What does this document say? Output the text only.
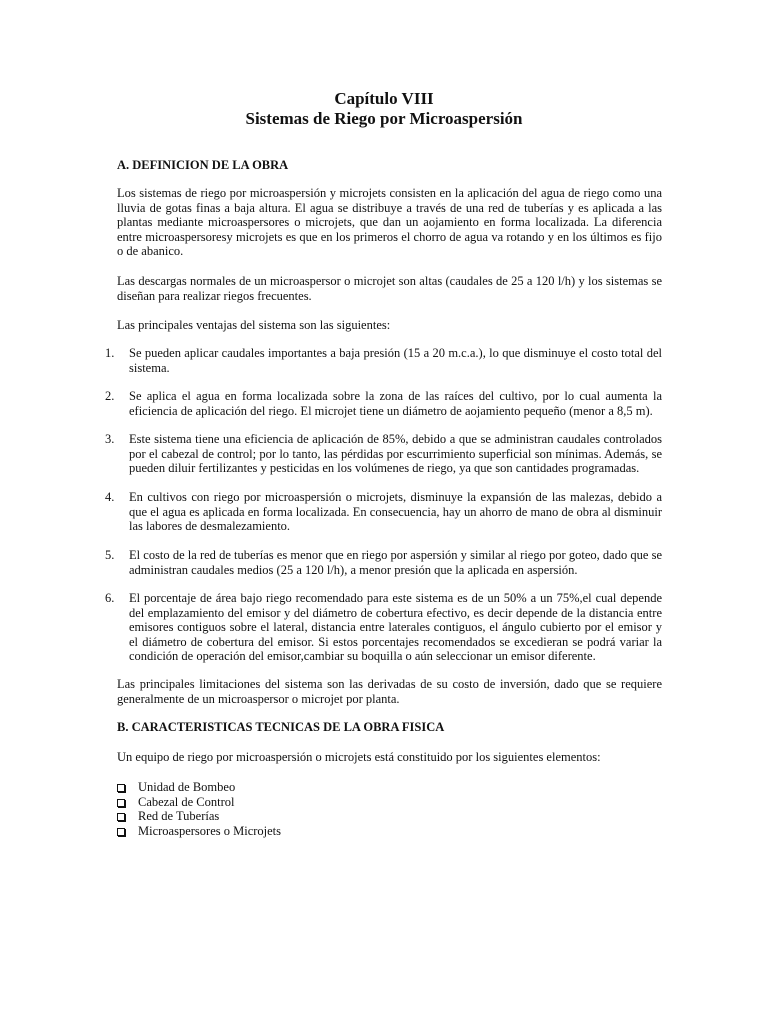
Capítulo VIII
Sistemas de Riego por Microaspersión
A. DEFINICION DE LA OBRA
Los sistemas de riego por microaspersión y microjets consisten en la aplicación del agua de riego como una lluvia de gotas finas a baja altura. El agua se distribuye a través de una red de tuberías y es aplicada a las plantas mediante microaspersores o microjets, que dan un aojamiento en forma localizada. La diferencia entre microaspersoresy microjets es que en los primeros el chorro de agua va rotando y en los últimos es fijo o de abanico.
Las descargas normales de un microaspersor o microjet son altas (caudales de 25 a 120 l/h) y los sistemas se diseñan para realizar riegos frecuentes.
Las principales ventajas del sistema son las siguientes:
1.	Se pueden aplicar caudales importantes a baja presión (15 a 20 m.c.a.), lo que disminuye el costo total del sistema.
2.	Se aplica el agua en forma localizada sobre la zona de las raíces del cultivo, por lo cual aumenta la eficiencia de aplicación del riego. El microjet tiene un diámetro de aojamiento pequeño (menor a 8,5 m).
3.	Este sistema tiene una eficiencia de aplicación de 85%, debido a que se administran caudales controlados por el cabezal de control; por lo tanto, las pérdidas por escurrimiento superficial son mínimas. Además, se pueden diluir fertilizantes y pesticidas en los volúmenes de riego, ya que son cantidades programadas.
4.	En cultivos con riego por microaspersión o microjets, disminuye la expansión de las malezas, debido a que el agua es aplicada en forma localizada. En consecuencia, hay un ahorro de mano de obra al disminuir las labores de desmalezamiento.
5.	El costo de la red de tuberías es menor que en riego por aspersión y similar al riego por goteo, dado que se administran caudales medios (25 a 120 l/h), a menor presión que la aplicada en aspersión.
6.	El porcentaje de área bajo riego recomendado para este sistema es de un 50% a un 75%,el cual depende del emplazamiento del emisor y del diámetro de cobertura efectivo, es decir depende de la distancia entre emisores contiguos sobre el lateral, distancia entre laterales contiguos, el ángulo cubierto por el emisor y el diámetro de cobertura del emisor. Si estos porcentajes recomendados se excedieran se podrá variar la condición de operación del emisor,cambiar su boquilla o aún seleccionar un emisor diferente.
Las principales limitaciones del sistema son las derivadas de su costo de inversión, dado que se requiere generalmente de un microaspersor o microjet por planta.
B. CARACTERISTICAS TECNICAS DE LA OBRA FISICA
Un equipo de riego por microaspersión o microjets está constituido por los siguientes elementos:
Unidad de Bombeo
Cabezal de Control
Red de Tuberías
Microaspersores o Microjets
